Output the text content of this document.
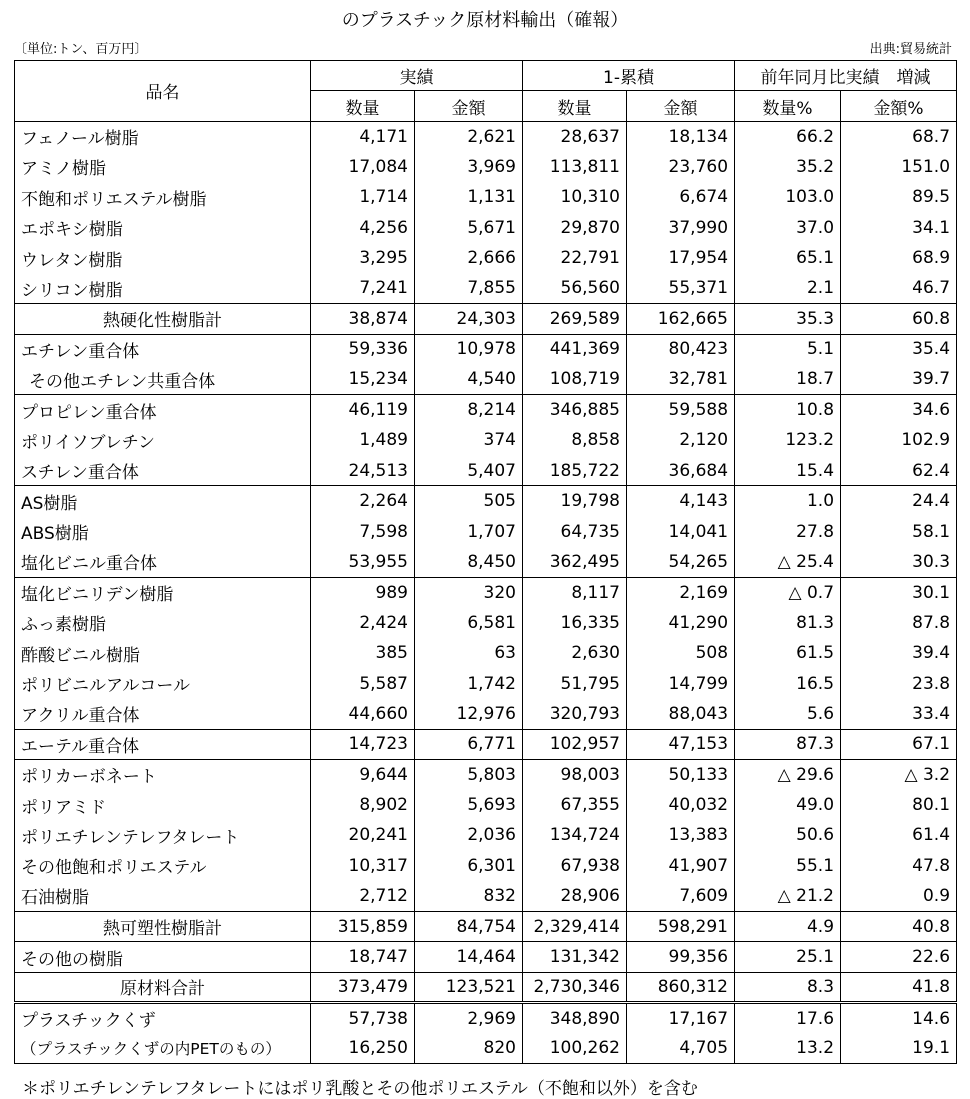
のプラスチック原材料輸出（確報）
〔単位:トン、百万円〕	出典:貿易統計
品名	実績		1-累積		前年同月比実績　増減	
	数量	金額	数量	金額	数量%	金額%
フェノール樹脂	4,171	2,621	28,637	18,134	66.2	68.7
アミノ樹脂	17,084	3,969	113,811	23,760	35.2	151.0
不飽和ポリエステル樹脂	1,714	1,131	10,310	6,674	103.0	89.5
エポキシ樹脂	4,256	5,671	29,870	37,990	37.0	34.1
ウレタン樹脂	3,295	2,666	22,791	17,954	65.1	68.9
シリコン樹脂	7,241	7,855	56,560	55,371	2.1	46.7
熱硬化性樹脂計	38,874	24,303	269,589	162,665	35.3	60.8
エチレン重合体	59,336	10,978	441,369	80,423	5.1	35.4
その他エチレン共重合体	15,234	4,540	108,719	32,781	18.7	39.7
プロピレン重合体	46,119	8,214	346,885	59,588	10.8	34.6
ポリイソブレチン	1,489	374	8,858	2,120	123.2	102.9
スチレン重合体	24,513	5,407	185,722	36,684	15.4	62.4
AS樹脂	2,264	505	19,798	4,143	1.0	24.4
ABS樹脂	7,598	1,707	64,735	14,041	27.8	58.1
塩化ビニル重合体	53,955	8,450	362,495	54,265	△ 25.4	30.3
塩化ビニリデン樹脂	989	320	8,117	2,169	△ 0.7	30.1
ふっ素樹脂	2,424	6,581	16,335	41,290	81.3	87.8
酢酸ビニル樹脂	385	63	2,630	508	61.5	39.4
ポリビニルアルコール	5,587	1,742	51,795	14,799	16.5	23.8
アクリル重合体	44,660	12,976	320,793	88,043	5.6	33.4
エーテル重合体	14,723	6,771	102,957	47,153	87.3	67.1
ポリカーボネート	9,644	5,803	98,003	50,133	△ 29.6	△ 3.2
ポリアミド	8,902	5,693	67,355	40,032	49.0	80.1
ポリエチレンテレフタレート	20,241	2,036	134,724	13,383	50.6	61.4
その他飽和ポリエステル	10,317	6,301	67,938	41,907	55.1	47.8
石油樹脂	2,712	832	28,906	7,609	△ 21.2	0.9
熱可塑性樹脂計	315,859	84,754	2,329,414	598,291	4.9	40.8
その他の樹脂	18,747	14,464	131,342	99,356	25.1	22.6
原材料合計	373,479	123,521	2,730,346	860,312	8.3	41.8
プラスチックくず	57,738	2,969	348,890	17,167	17.6	14.6
（プラスチックくずの内PETのもの）	16,250	820	100,262	4,705	13.2	19.1
＊ポリエチレンテレフタレートにはポリ乳酸とその他ポリエステル（不飽和以外）を含む
